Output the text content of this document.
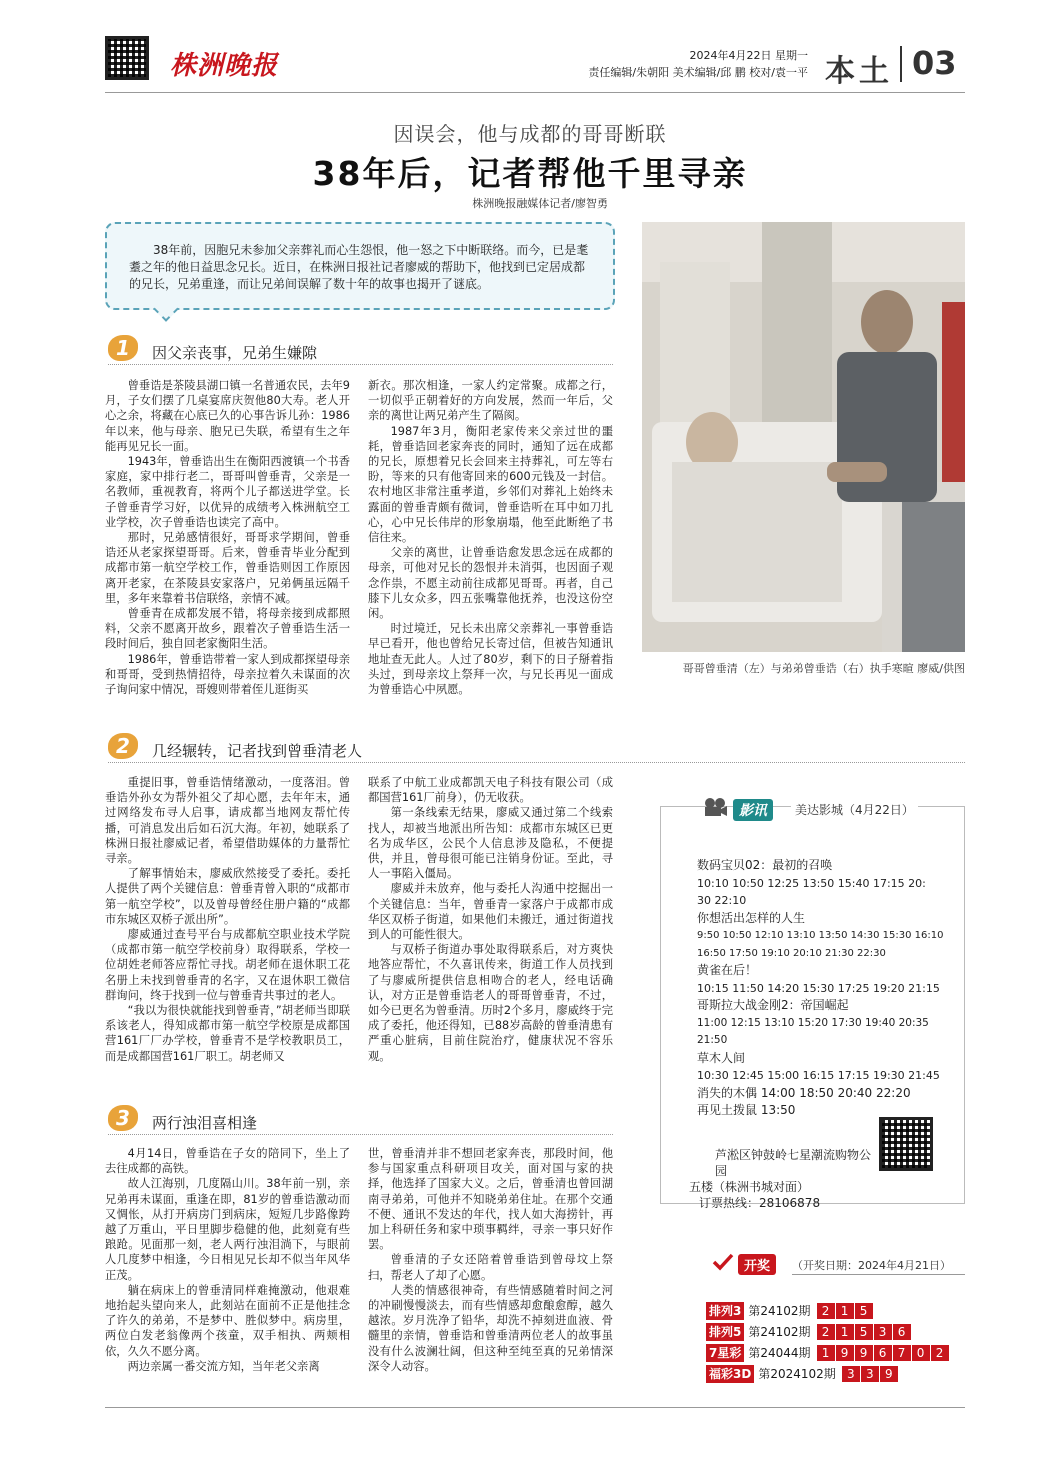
株洲晚报	2024年4月22日 星期一
责任编辑/朱朝阳 美术编辑/邱 鹏 校对/袁一平 本土 03
因误会，他与成都的哥哥断联
38年后，记者帮他千里寻亲
株洲晚报融媒体记者/廖智勇
38年前，因胞兄未参加父亲葬礼而心生怨恨，他一怒之下中断联络。而今，已是耄耋之年的他日益思念兄长。近日，在株洲日报社记者廖威的帮助下，他找到已定居成都的兄长，兄弟重逢，而让兄弟间误解了数十年的故事也揭开了谜底。
哥哥曾垂清（左）与弟弟曾垂诰（右）执手寒暄 廖威/供图
1	因父亲丧事，兄弟生嫌隙

曾垂诰是茶陵县湖口镇一名普通农民，去年9月，子女们摆了几桌宴席庆贺他80大寿。老人开心之余，将藏在心底已久的心事告诉儿孙：1986年以来，他与母亲、胞兄已失联，希望有生之年能再见兄长一面。

1943年，曾垂诰出生在衡阳西渡镇一个书香家庭，家中排行老二，哥哥叫曾垂青，父亲是一名教师，重视教育，将两个儿子都送进学堂。长子曾垂青学习好，以优异的成绩考入株洲航空工业学校，次子曾垂诰也读完了高中。

那时，兄弟感情很好，哥哥求学期间，曾垂诰还从老家探望哥哥。后来，曾垂青毕业分配到成都市第一航空学校工作，曾垂诰则因工作原因离开老家，在茶陵县安家落户，兄弟俩虽远隔千里，多年来靠着书信联络，亲情不减。

曾垂青在成都发展不错，将母亲接到成都照料，父亲不愿离开故乡，跟着次子曾垂诰生活一段时间后，独自回老家衡阳生活。

1986年，曾垂诰带着一家人到成都探望母亲和哥哥，受到热情招待，母亲拉着久未谋面的次子询问家中情况，哥嫂则带着侄儿逛街买

新衣。那次相逢，一家人约定常聚。成都之行，一切似乎正朝着好的方向发展，然而一年后，父亲的离世让两兄弟产生了隔阂。

1987年3月，衡阳老家传来父亲过世的噩耗，曾垂诰回老家奔丧的同时，通知了远在成都的兄长，原想着兄长会回来主持葬礼，可左等右盼，等来的只有他寄回来的600元钱及一封信。农村地区非常注重孝道，乡邻们对葬礼上始终未露面的曾垂青颇有微词，曾垂诰听在耳中如刀扎心，心中兄长伟岸的形象崩塌，他至此断绝了书信往来。

父亲的离世，让曾垂诰愈发思念远在成都的母亲，可他对兄长的怨恨并未消弭，也因面子观念作祟，不愿主动前往成都见哥哥。再者，自己膝下儿女众多，四五张嘴靠他抚养，也没这份空闲。

时过境迁，兄长未出席父亲葬礼一事曾垂诰早已看开，他也曾给兄长寄过信，但被告知通讯地址查无此人。人过了80岁，剩下的日子掰着指头过，到母亲坟上祭拜一次，与兄长再见一面成为曾垂诰心中夙愿。

2	几经辗转，记者找到曾垂清老人

重提旧事，曾垂诰情绪激动，一度落泪。曾垂诰外孙女为帮外祖父了却心愿，去年年末，通过网络发布寻人启事，请成都当地网友帮忙传播，可消息发出后如石沉大海。年初，她联系了株洲日报社廖威记者，希望借助媒体的力量帮忙寻亲。

了解事情始末，廖威欣然接受了委托。委托人提供了两个关键信息：曾垂青曾入职的“成都市第一航空学校”，以及曾母曾经住册户籍的“成都市东城区双桥子派出所”。

廖威通过查号平台与成都航空职业技术学院（成都市第一航空学校前身）取得联系，学校一位胡姓老师答应帮忙寻找。胡老师在退休职工花名册上未找到曾垂青的名字，又在退休职工微信群询问，终于找到一位与曾垂青共事过的老人。

“我以为很快就能找到曾垂青，”胡老师当即联系该老人，得知成都市第一航空学校原是成都国营161厂厂办学校，曾垂青不是学校教职员工，而是成都国营161厂职工。胡老师又

联系了中航工业成都凯天电子科技有限公司（成都国营161厂前身），仍无收获。

第一条线索无结果，廖威又通过第二个线索找人，却被当地派出所告知：成都市东城区已更名为成华区，公民个人信息涉及隐私，不便提供，并且，曾母很可能已注销身份证。至此，寻人一事陷入僵局。

廖威并未放弃，他与委托人沟通中挖掘出一个关键信息：当年，曾垂青一家落户于成都市成华区双桥子街道，如果他们未搬迁，通过街道找到人的可能性很大。

与双桥子街道办事处取得联系后，对方爽快地答应帮忙，不久喜讯传来，街道工作人员找到了与廖威所提供信息相吻合的老人，经电话确认，对方正是曾垂诰老人的哥哥曾垂青，不过，如今已更名为曾垂清。历时2个多月，廖威终于完成了委托，他还得知，已88岁高龄的曾垂清患有严重心脏病，目前住院治疗，健康状况不容乐观。

3	两行浊泪喜相逢

4月14日，曾垂诰在子女的陪同下，坐上了去往成都的高铁。

故人江海别，几度隔山川。38年前一别，亲兄弟再未谋面，重逢在即，81岁的曾垂诰激动而又惆怅，从打开病房门到病床，短短几步路像跨越了万重山，平日里脚步稳健的他，此刻竟有些踉跄。见面那一刻，老人两行浊泪淌下，与眼前人几度梦中相逢，今日相见兄长却不似当年风华正茂。

躺在病床上的曾垂清同样难掩激动，他艰难地抬起头望向来人，此刻站在面前不正是他挂念了许久的弟弟，不是梦中、胜似梦中。病房里，两位白发老翁像两个孩童，双手相执、两颊相依，久久不愿分离。

两边亲属一番交流方知，当年老父亲离

世，曾垂清并非不想回老家奔丧，那段时间，他参与国家重点科研项目攻关，面对国与家的抉择，他选择了国家大义。之后，曾垂清也曾回湖南寻弟弟，可他并不知晓弟弟住址。在那个交通不便、通讯不发达的年代，找人如大海捞针，再加上科研任务和家中琐事羁绊，寻亲一事只好作罢。

曾垂清的子女还陪着曾垂诰到曾母坟上祭扫，帮老人了却了心愿。

人类的情感很神奇，有些情感随着时间之河的冲刷慢慢淡去，而有些情感却愈酿愈醇，越久越浓。岁月洗净了铅华，却洗不掉刻进血液、骨髓里的亲情，曾垂诰和曾垂清两位老人的故事虽没有什么波澜壮阔，但这种至纯至真的兄弟情深深令人动容。

影讯	美达影城（4月22日）
数码宝贝02：最初的召唤
10:10 10:50 12:25 13:50 15:40 17:15 20:
30 22:10
你想活出怎样的人生
9:50 10:50 12:10 13:10 13:50 14:30 15:30 16:10
16:50 17:50 19:10 20:10 21:30 22:30
黄雀在后！
10:15 11:50 14:20 15:30 17:25 19:20 21:15
哥斯拉大战金刚2：帝国崛起
11:00 12:15 13:10 15:20 17:30 19:40 20:35 21:50
草木人间
10:30 12:45 15:00 16:15 17:15 19:30 21:45
消失的木偶 14:00 18:50 20:40 22:20
再见土拨鼠 13:50
芦淞区钟鼓岭七星潮流购物公园
五楼（株洲书城对面）
订票热线：28106878
开奖	（开奖日期：2024年4月21日）
排列3 第24102期 2 1 5
排列5 第24102期 2 1 5 3 6
7星彩 第24044期 1 9 9 6 7 0 2
福彩3D 第2024102期 3 3 9
